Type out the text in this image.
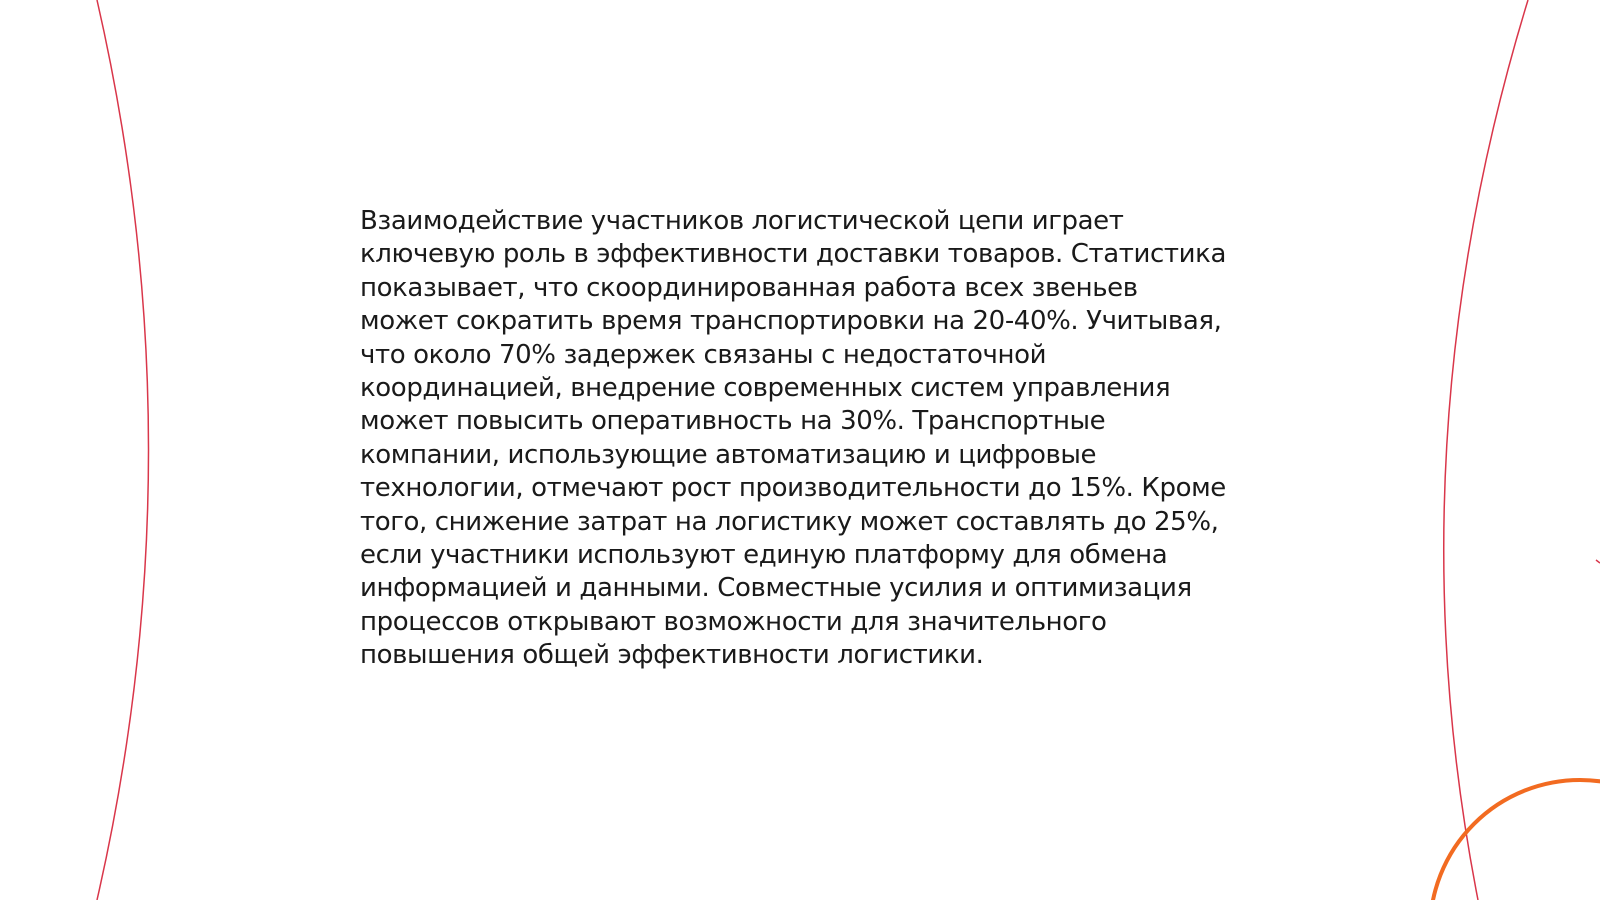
Взаимодействие участников логистической цепи играет
ключевую роль в эффективности доставки товаров. Статистика
показывает, что скоординированная работа всех звеньев
может сократить время транспортировки на 20-40%. Учитывая,
что около 70% задержек связаны с недостаточной
координацией, внедрение современных систем управления
может повысить оперативность на 30%. Транспортные
компании, использующие автоматизацию и цифровые
технологии, отмечают рост производительности до 15%. Кроме
того, снижение затрат на логистику может составлять до 25%,
если участники используют единую платформу для обмена
информацией и данными. Совместные усилия и оптимизация
процессов открывают возможности для значительного
повышения общей эффективности логистики.
